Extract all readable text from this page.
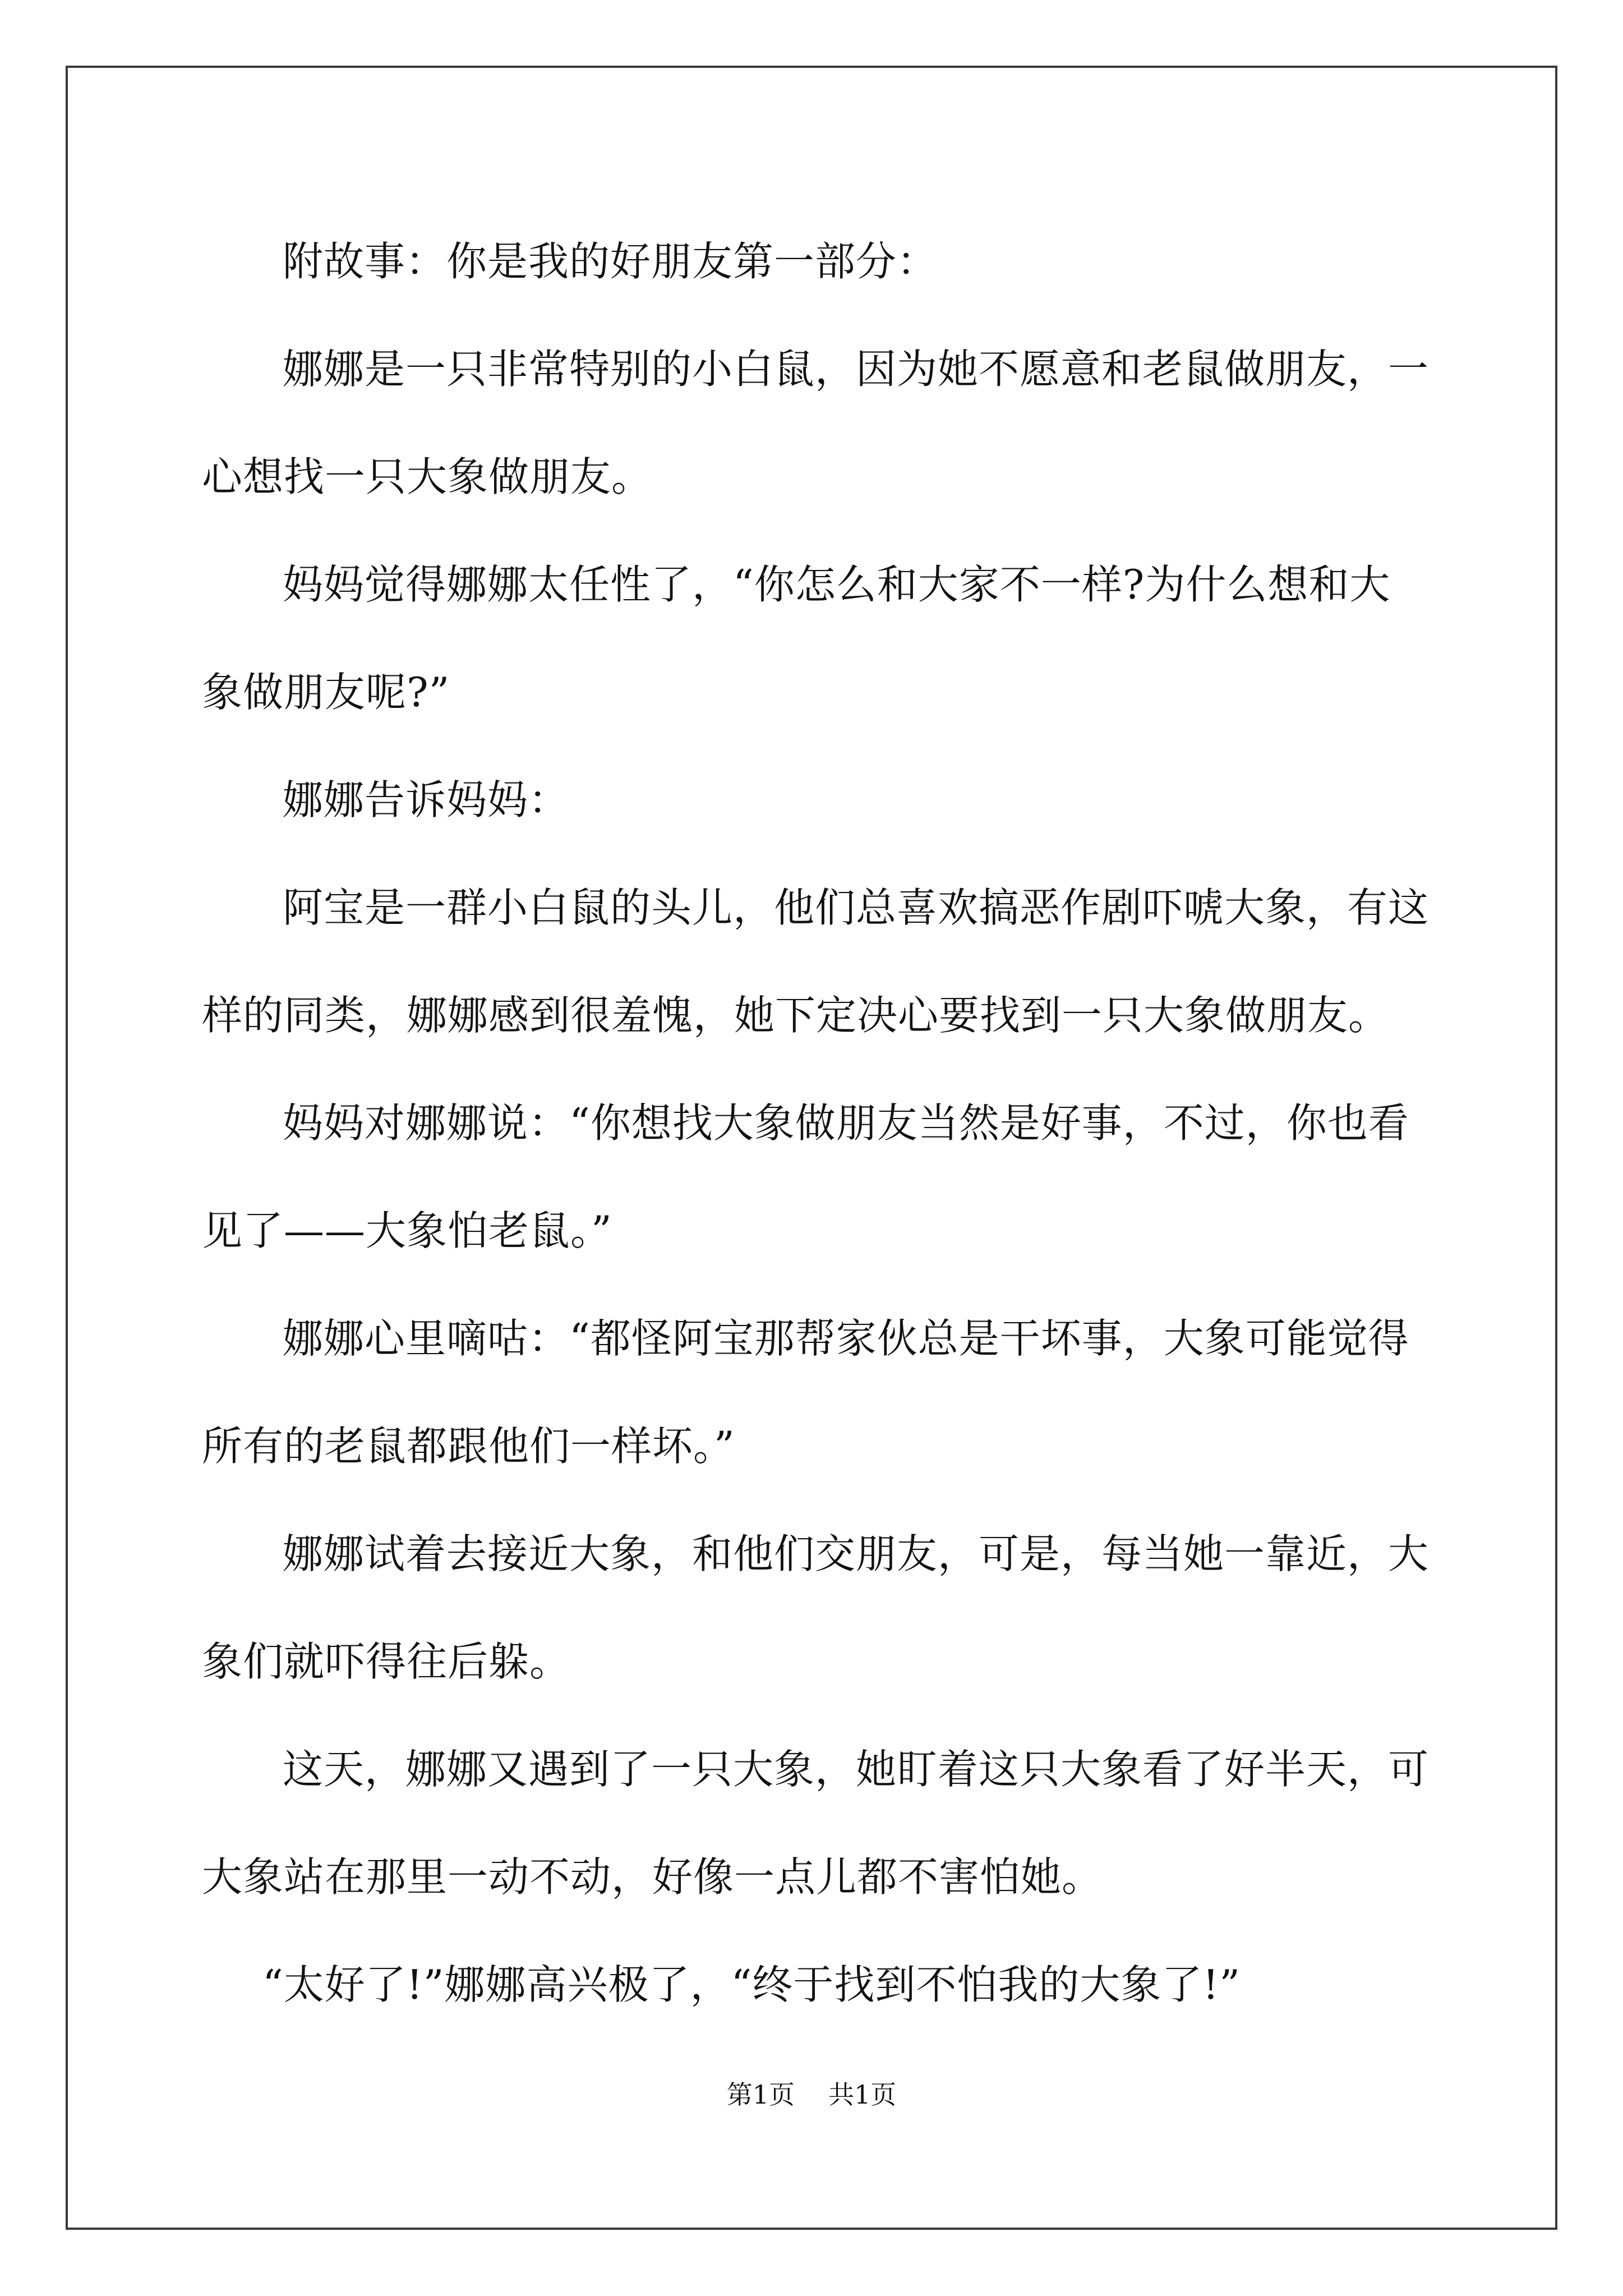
附故事：你是我的好朋友第一部分：

娜娜是一只非常特别的小白鼠，因为她不愿意和老鼠做朋友，一心想找一只大象做朋友。

妈妈觉得娜娜太任性了，“你怎么和大家不一样?为什么想和大象做朋友呢?”

娜娜告诉妈妈：

阿宝是一群小白鼠的头儿，他们总喜欢搞恶作剧吓唬大象，有这样的同类，娜娜感到很羞愧，她下定决心要找到一只大象做朋友。

妈妈对娜娜说：“你想找大象做朋友当然是好事，不过，你也看见了——大象怕老鼠。”

娜娜心里嘀咕：“都怪阿宝那帮家伙总是干坏事，大象可能觉得所有的老鼠都跟他们一样坏。”

娜娜试着去接近大象，和他们交朋友，可是，每当她一靠近，大象们就吓得往后躲。

这天，娜娜又遇到了一只大象，她盯着这只大象看了好半天，可大象站在那里一动不动，好像一点儿都不害怕她。

“太好了!”娜娜高兴极了，“终于找到不怕我的大象了!”

第1页 共1页
